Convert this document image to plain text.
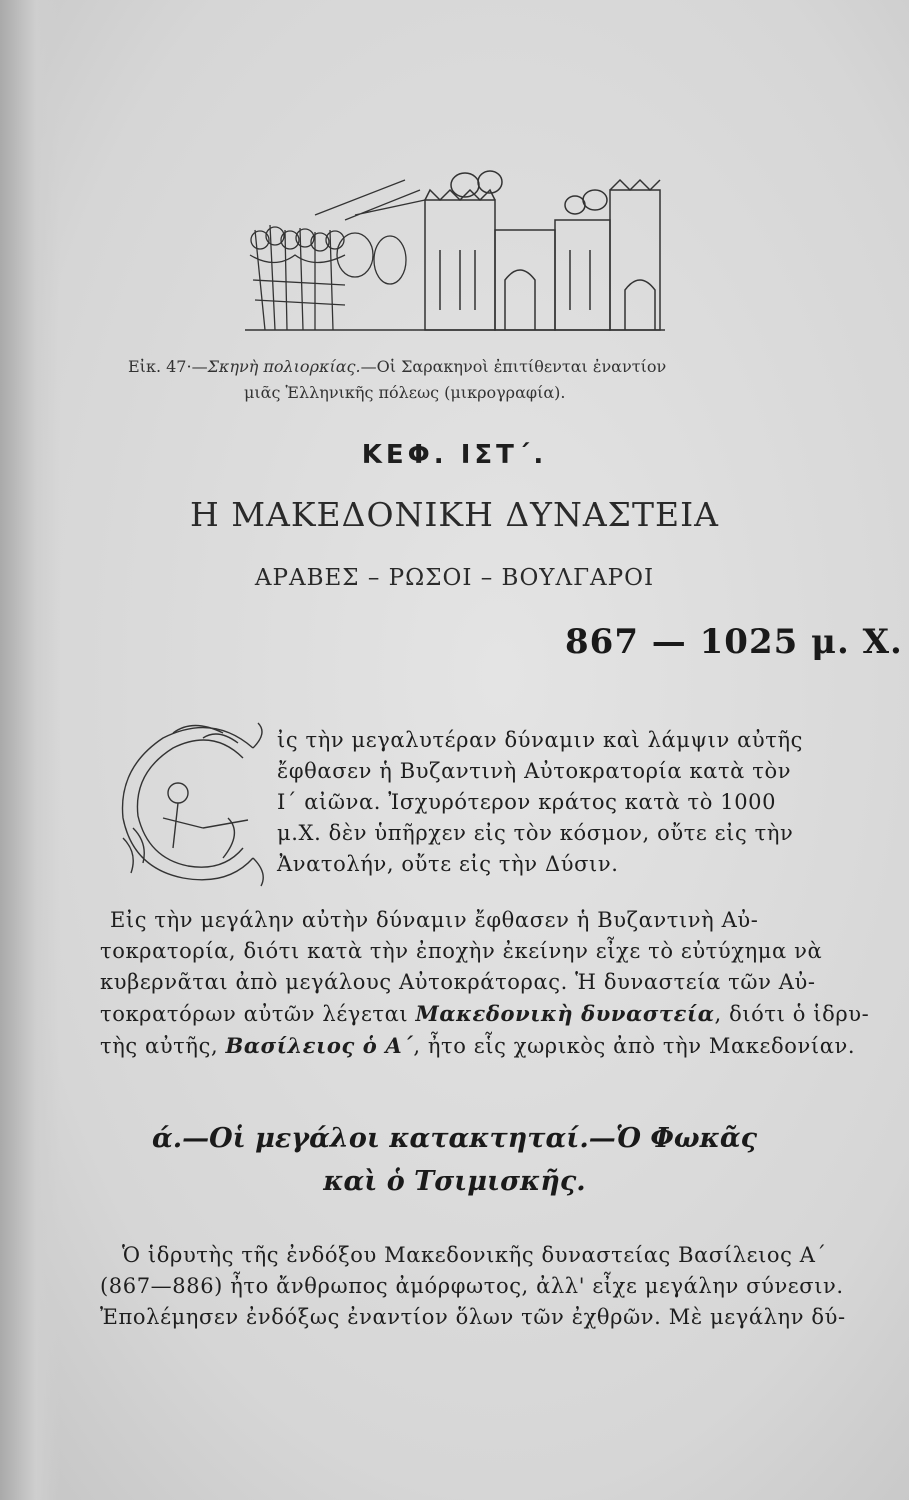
Εἰκ. 47·—Σκηνὴ πολιορκίας.—Οἱ Σαρακηνοὶ ἐπιτίθενται ἐναντίον
μιᾶς Ἑλληνικῆς πόλεως (μικρογραφία).
ΚΕΦ. ΙΣΤ΄.
Η ΜΑΚΕΔΟΝΙΚΗ ΔΥΝΑΣΤΕΙΑ
ΑΡΑΒΕΣ – ΡΩΣΟΙ – ΒΟΥΛΓΑΡΟΙ
867 — 1025 μ. Χ.
ἰς τὴν μεγαλυτέραν δύναμιν καὶ λάμψιν αὐτῆς
ἔφθασεν ἡ Βυζαντινὴ Αὐτοκρατορία κατὰ τὸν
Ι΄ αἰῶνα. Ἰσχυρότερον κράτος κατὰ τὸ 1000
μ.Χ. δὲν ὑπῆρχεν εἰς τὸν κόσμον, οὔτε εἰς τὴν
Ἀνατολήν, οὔτε εἰς τὴν Δύσιν.
Εἰς τὴν μεγάλην αὐτὴν δύναμιν ἔφθασεν ἡ Βυζαντινὴ Αὐ-
τοκρατορία, διότι κατὰ τὴν ἐποχὴν ἐκείνην εἶχε τὸ εὐτύχημα νὰ
κυβερνᾶται ἀπὸ μεγάλους Αὐτοκράτορας. Ἡ δυναστεία τῶν Αὐ-
τοκρατόρων αὐτῶν λέγεται Μακεδονικὴ δυναστεία, διότι ὁ ἱδρυ-
τὴς αὐτῆς, Βασίλειος ὁ Α΄, ἦτο εἷς χωρικὸς ἀπὸ τὴν Μακεδονίαν.
ά.—Οἱ μεγάλοι κατακτηταί.—Ὁ Φωκᾶς
καὶ ὁ Τσιμισκῆς.
Ὁ ἱδρυτὴς τῆς ἐνδόξου Μακεδονικῆς δυναστείας Βασίλειος Α΄
(867—886) ἦτο ἄνθρωπος ἀμόρφωτος, ἀλλ' εἶχε μεγάλην σύνεσιν.
Ἐπολέμησεν ἐνδόξως ἐναντίον ὅλων τῶν ἐχθρῶν. Μὲ μεγάλην δύ-
